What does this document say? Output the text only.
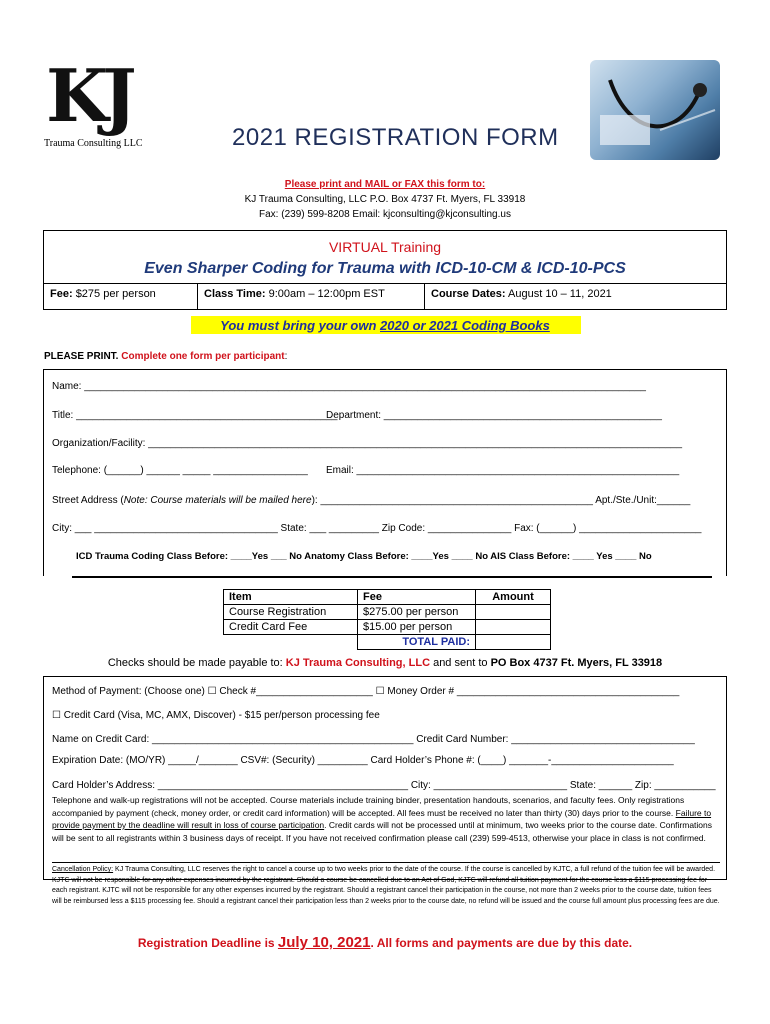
KJ
Trauma Consulting LLC	2021 REGISTRATION FORM
Please print and MAIL or FAX this form to:
KJ Trauma Consulting, LLC P.O. Box 4737 Ft. Myers, FL 33918
Fax: (239) 599-8208 Email: kjconsulting@kjconsulting.us
VIRTUAL Training
Even Sharper Coding for Trauma with ICD-10-CM & ICD-10-PCS
Fee: $275 per person	Class Time: 9:00am – 12:00pm EST	Course Dates: August 10 – 11, 2021
You must bring your own 2020 or 2021 Coding Books
PLEASE PRINT. Complete one form per participant:
Name: _____________________________________________________________________________________________________
Title: _______________________________________________
Department: __________________________________________________
Organization/Facility: ________________________________________________________________________________________________
Telephone: (______) ______ _____ _________________ Email: __________________________________________________________
Street Address (Note: Course materials will be mailed here): _________________________________________________ Apt./Ste./Unit:______
City: ___ _________________________________ State: ___ _________ Zip Code: _______________ Fax: (______) ______________________
ICD Trauma Coding Class Before: ____Yes ___ No Anatomy Class Before: ____Yes ____ No AIS Class Before: ____ Yes ____ No
Item	Fee	Amount
Course Registration	$275.00 per person	
Credit Card Fee	$15.00 per person	
	TOTAL PAID:	
Checks should be made payable to: KJ Trauma Consulting, LLC and sent to PO Box 4737 Ft. Myers, FL 33918
Method of Payment: (Choose one) ☐ Check #_____________________ ☐ Money Order # ________________________________________
☐ Credit Card (Visa, MC, AMX, Discover) - $15 per/person processing fee
Name on Credit Card: _______________________________________________ Credit Card Number: _________________________________
Expiration Date: (MO/YR) _____/_______ CSV#: (Security) _________ Card Holder’s Phone #: (____) _______-______________________
Card Holder’s Address: _____________________________________________ City: ________________________ State: ______ Zip: ___________
Telephone and walk-up registrations will not be accepted. Course materials include training binder, presentation handouts, scenarios, and faculty fees. Only registrations accompanied by payment (check, money order, or credit card information) will be accepted. All fees must be received no later than thirty (30) days prior to the course. Failure to provide payment by the deadline will result in loss of course participation. Credit cards will not be processed until at minimum, two weeks prior to the course date. Confirmations will be sent to all registrants within 3 business days of receipt. If you have not received confirmation please call (239) 599-4513, otherwise your place in class is not confirmed.
Cancellation Policy: KJ Trauma Consulting, LLC reserves the right to cancel a course up to two weeks prior to the date of the course. If the course is cancelled by KJTC, a full refund of the tuition fee will be awarded. KJTC will not be responsible for any other expenses incurred by the registrant. Should a course be cancelled due to an Act of God, KJTC will refund all tuition payment for the course less a $115 processing fee for each registrant. KJTC will not be responsible for any other expenses incurred by the registrant. Should a registrant cancel their participation in the course, not more than 2 weeks prior to the course date, tuition fees will be reimbursed less a $115 processing fee. Should a registrant cancel their participation less than 2 weeks prior to the course date, no refund will be issued and the course full amount plus processing fees are due.
Registration Deadline is July 10, 2021. All forms and payments are due by this date.
